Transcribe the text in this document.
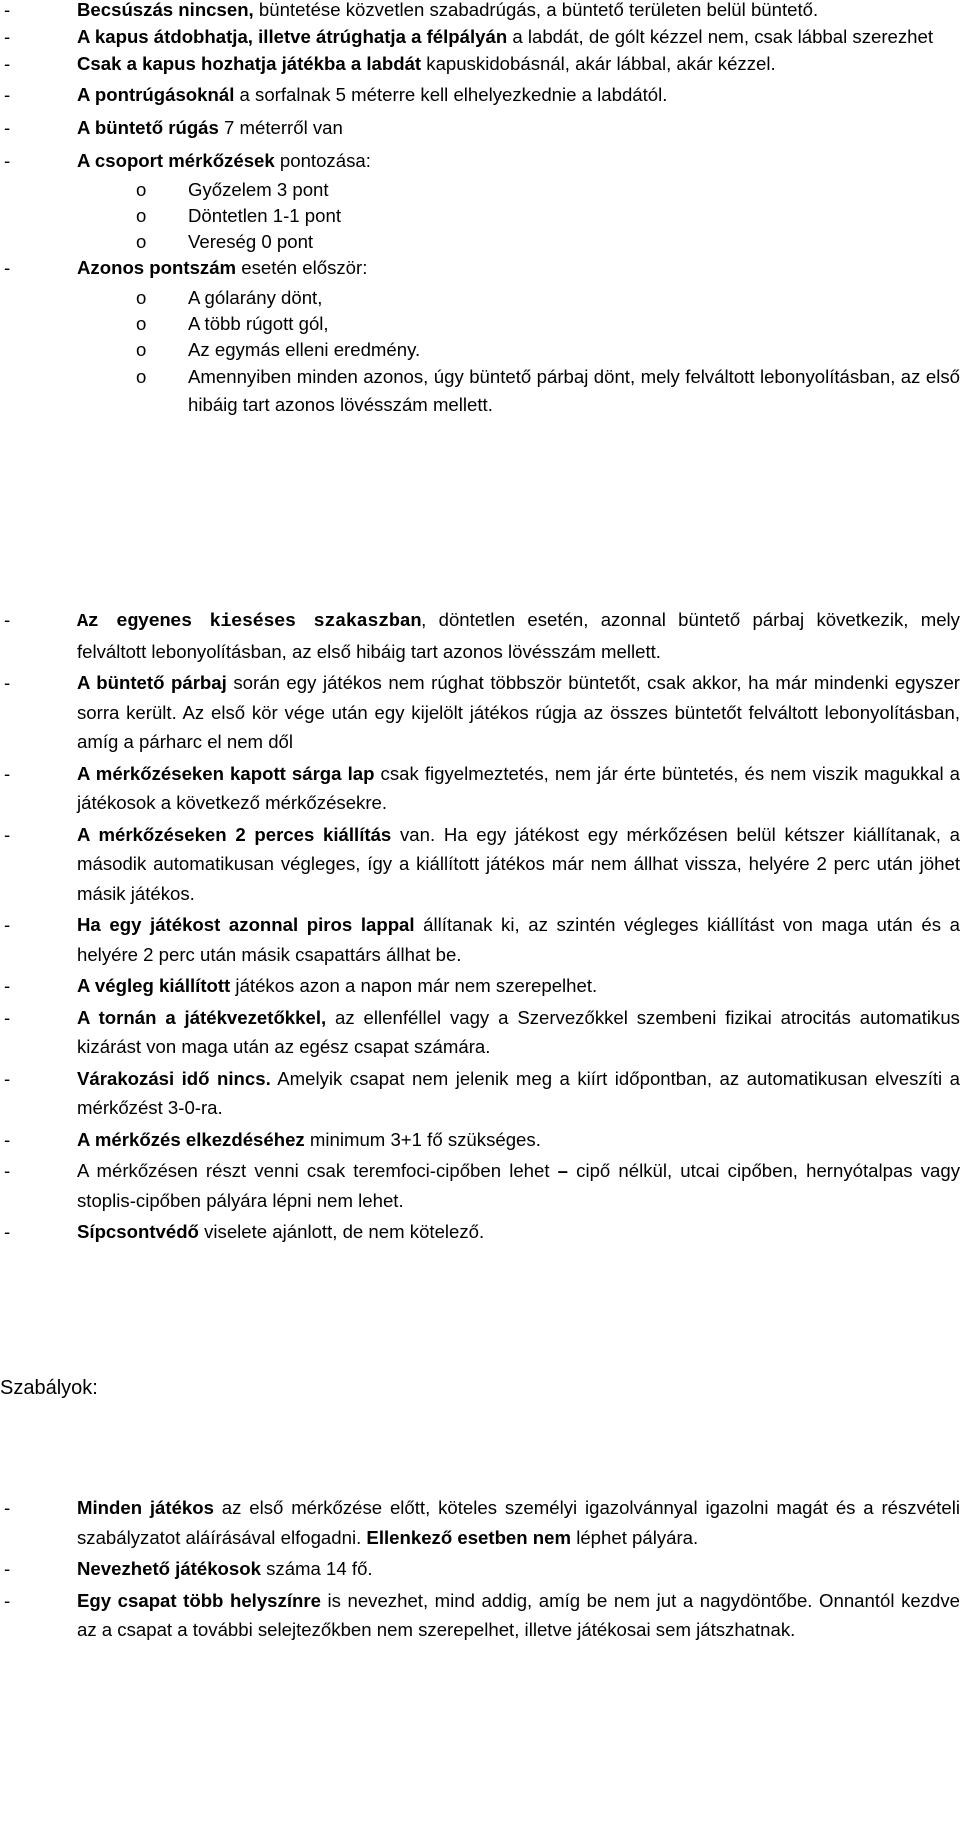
-	Becsúszás nincsen, büntetése közvetlen szabadrúgás, a büntető területen belül büntető.
-	A kapus átdobhatja, illetve átrúghatja a félpályán a labdát, de gólt kézzel nem, csak lábbal szerezhet
-	Csak a kapus hozhatja játékba a labdát kapuskidobásnál, akár lábbal, akár kézzel.
-	A pontrúgásoknál a sorfalnak 5 méterre kell elhelyezkednie a labdától.
-	A büntető rúgás 7 méterről van
-	A csoport mérkőzések pontozása:
o Győzelem 3 pont
o Döntetlen 1-1 pont
o Vereség 0 pont
-	Azonos pontszám esetén először:
o A gólarány dönt,
o A több rúgott gól,
o Az egymás elleni eredmény.
o Amennyiben minden azonos, úgy büntető párbaj dönt, mely felváltott lebonyolításban, az első hibáig tart azonos lövésszám mellett.
-	Az egyenes kieséses szakaszban, döntetlen esetén, azonnal büntető párbaj következik, mely felváltott lebonyolításban, az első hibáig tart azonos lövésszám mellett.
-	A büntető párbaj során egy játékos nem rúghat többször büntetőt, csak akkor, ha már mindenki egyszer sorra került. Az első kör vége után egy kijelölt játékos rúgja az összes büntetőt felváltott lebonyolításban, amíg a párharc el nem dől
-	A mérkőzéseken kapott sárga lap csak figyelmeztetés, nem jár érte büntetés, és nem viszik magukkal a játékosok a következő mérkőzésekre.
-	A mérkőzéseken 2 perces kiállítás van. Ha egy játékost egy mérkőzésen belül kétszer kiállítanak, a második automatikusan végleges, így a kiállított játékos már nem állhat vissza, helyére 2 perc után jöhet másik játékos.
-	Ha egy játékost azonnal piros lappal állítanak ki, az szintén végleges kiállítást von maga után és a helyére 2 perc után másik csapattárs állhat be.
-	A végleg kiállított játékos azon a napon már nem szerepelhet.
-	A tornán a játékvezetőkkel, az ellenféllel vagy a Szervezőkkel szembeni fizikai atrocitás automatikus kizárást von maga után az egész csapat számára.
-	Várakozási idő nincs. Amelyik csapat nem jelenik meg a kiírt időpontban, az automatikusan elveszíti a mérkőzést 3-0-ra.
-	A mérkőzés elkezdéséhez minimum 3+1 fő szükséges.
-	A mérkőzésen részt venni csak teremfoci-cipőben lehet – cipő nélkül, utcai cipőben, hernyótalpas vagy stoplis-cipőben pályára lépni nem lehet.
-	Sípcsontvédő viselete ajánlott, de nem kötelező.
Szabályok:
-	Minden játékos az első mérkőzése előtt, köteles személyi igazolvánnyal igazolni magát és a részvételi szabályzatot aláírásával elfogadni. Ellenkező esetben nem léphet pályára.
-	Nevezhető játékosok száma 14 fő.
-	Egy csapat több helyszínre is nevezhet, mind addig, amíg be nem jut a nagydöntőbe. Onnantól kezdve az a csapat a további selejtezőkben nem szerepelhet, illetve játékosai sem játszhatnak.
